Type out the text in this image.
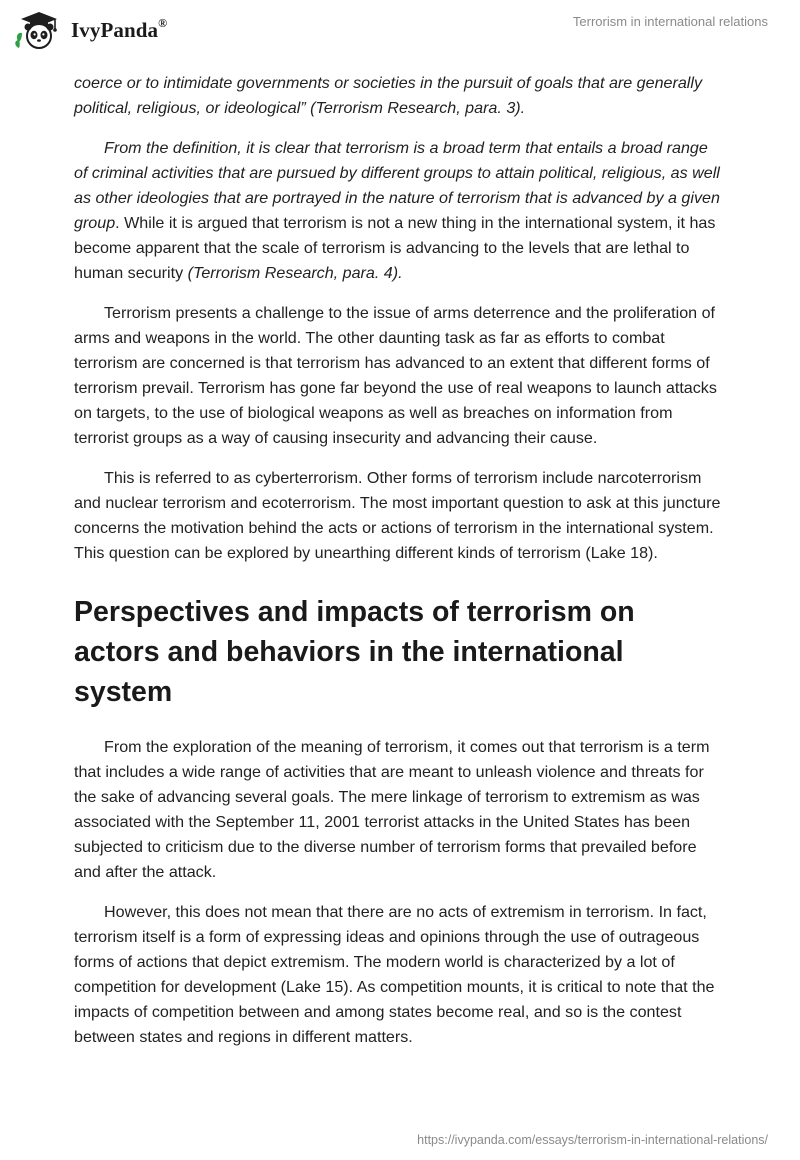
IvyPanda®	Terrorism in international relations

coerce or to intimidate governments or societies in the pursuit of goals that are generally political, religious, or ideological” (Terrorism Research, para. 3).

From the definition, it is clear that terrorism is a broad term that entails a broad range of criminal activities that are pursued by different groups to attain political, religious, as well as other ideologies that are portrayed in the nature of terrorism that is advanced by a given group. While it is argued that terrorism is not a new thing in the international system, it has become apparent that the scale of terrorism is advancing to the levels that are lethal to human security (Terrorism Research, para. 4).

Terrorism presents a challenge to the issue of arms deterrence and the proliferation of arms and weapons in the world. The other daunting task as far as efforts to combat terrorism are concerned is that terrorism has advanced to an extent that different forms of terrorism prevail. Terrorism has gone far beyond the use of real weapons to launch attacks on targets, to the use of biological weapons as well as breaches on information from terrorist groups as a way of causing insecurity and advancing their cause.

This is referred to as cyberterrorism. Other forms of terrorism include narcoterrorism and nuclear terrorism and ecoterrorism. The most important question to ask at this juncture concerns the motivation behind the acts or actions of terrorism in the international system. This question can be explored by unearthing different kinds of terrorism (Lake 18).

Perspectives and impacts of terrorism on actors and behaviors in the international system

From the exploration of the meaning of terrorism, it comes out that terrorism is a term that includes a wide range of activities that are meant to unleash violence and threats for the sake of advancing several goals. The mere linkage of terrorism to extremism as was associated with the September 11, 2001 terrorist attacks in the United States has been subjected to criticism due to the diverse number of terrorism forms that prevailed before and after the attack.

However, this does not mean that there are no acts of extremism in terrorism. In fact, terrorism itself is a form of expressing ideas and opinions through the use of outrageous forms of actions that depict extremism. The modern world is characterized by a lot of competition for development (Lake 15). As competition mounts, it is critical to note that the impacts of competition between and among states become real, and so is the contest between states and regions in different matters.

https://ivypanda.com/essays/terrorism-in-international-relations/
